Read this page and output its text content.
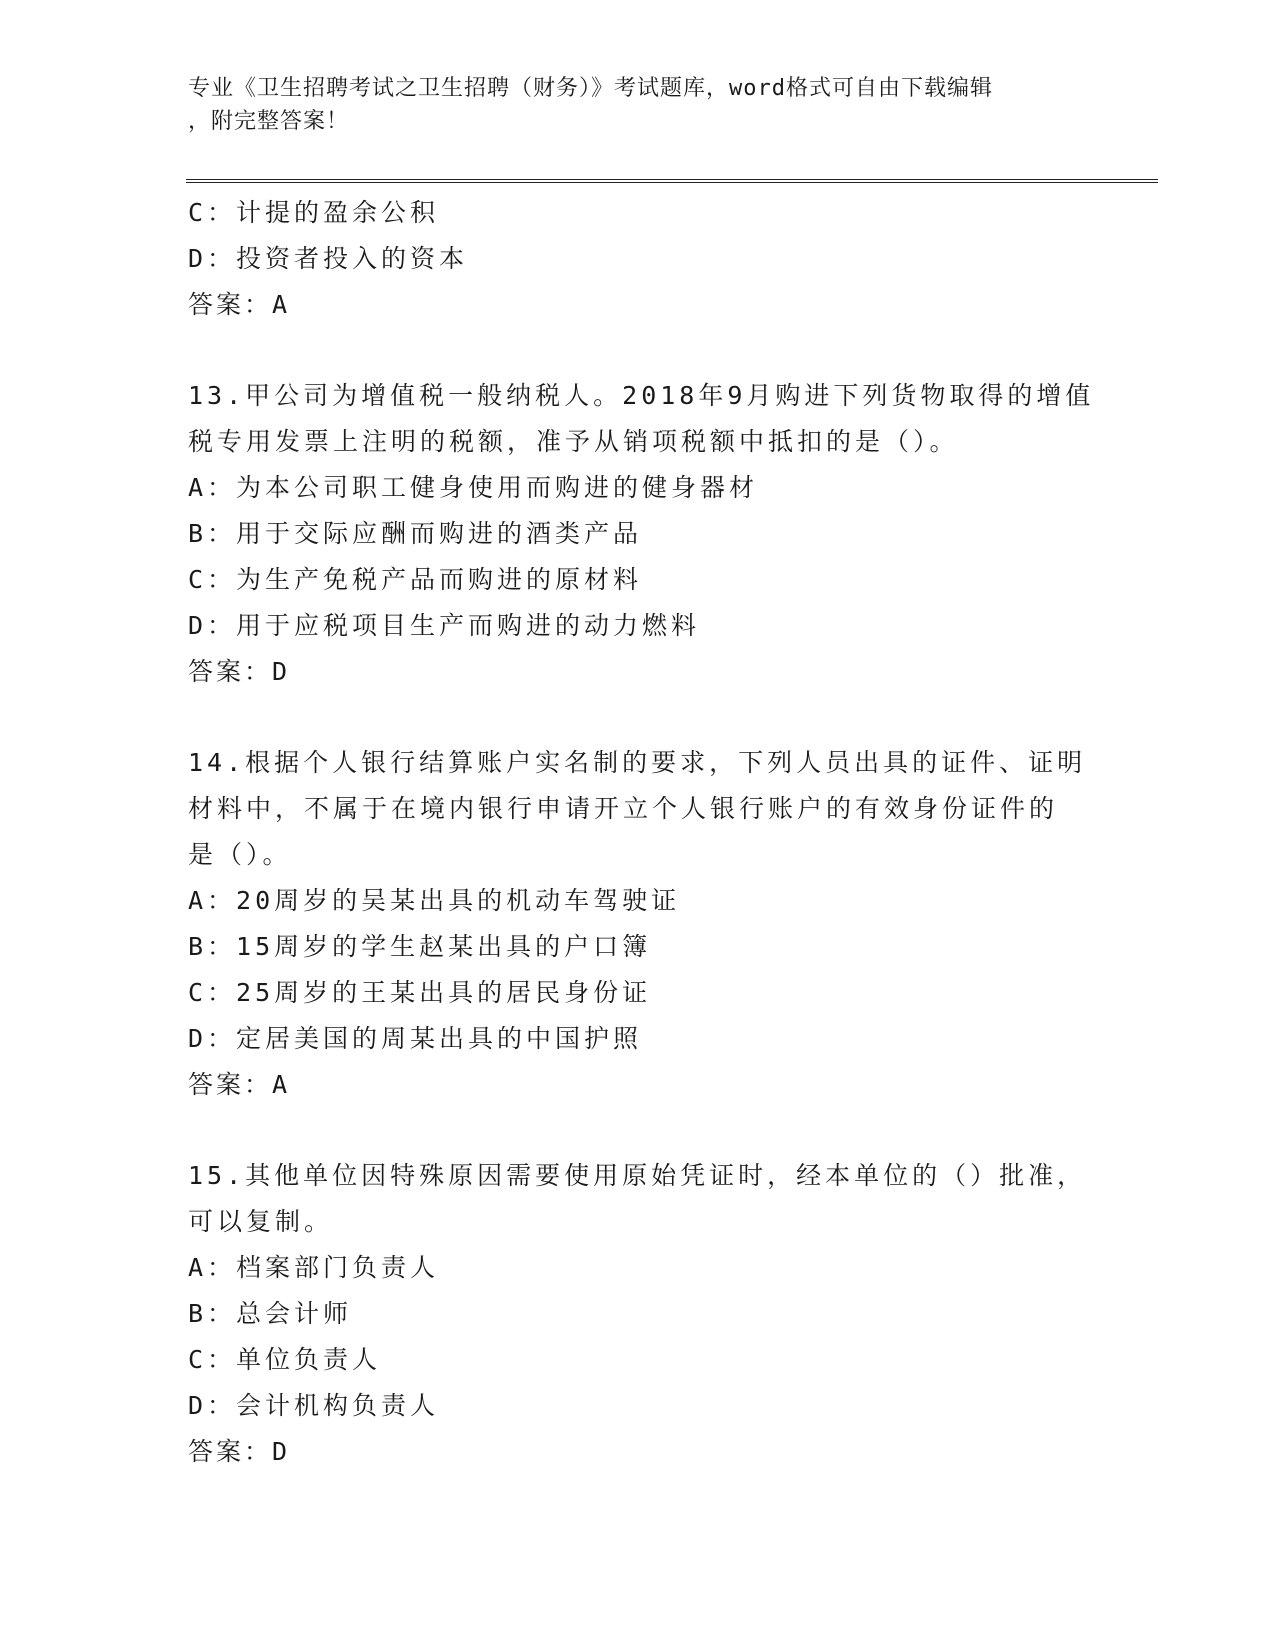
专业《卫生招聘考试之卫生招聘（财务）》考试题库，word格式可自由下载编辑
，附完整答案！
C：计提的盈余公积
D：投资者投入的资本
答案：A
13.甲公司为增值税一般纳税人。2018年9月购进下列货物取得的增值
税专用发票上注明的税额，准予从销项税额中抵扣的是（）。
A：为本公司职工健身使用而购进的健身器材
B：用于交际应酬而购进的酒类产品
C：为生产免税产品而购进的原材料
D：用于应税项目生产而购进的动力燃料
答案：D
14.根据个人银行结算账户实名制的要求，下列人员出具的证件、证明
材料中，不属于在境内银行申请开立个人银行账户的有效身份证件的
是（）。
A：20周岁的吴某出具的机动车驾驶证
B：15周岁的学生赵某出具的户口簿
C：25周岁的王某出具的居民身份证
D：定居美国的周某出具的中国护照
答案：A
15.其他单位因特殊原因需要使用原始凭证时，经本单位的（）批准，
可以复制。
A：档案部门负责人
B：总会计师
C：单位负责人
D：会计机构负责人
答案：D
